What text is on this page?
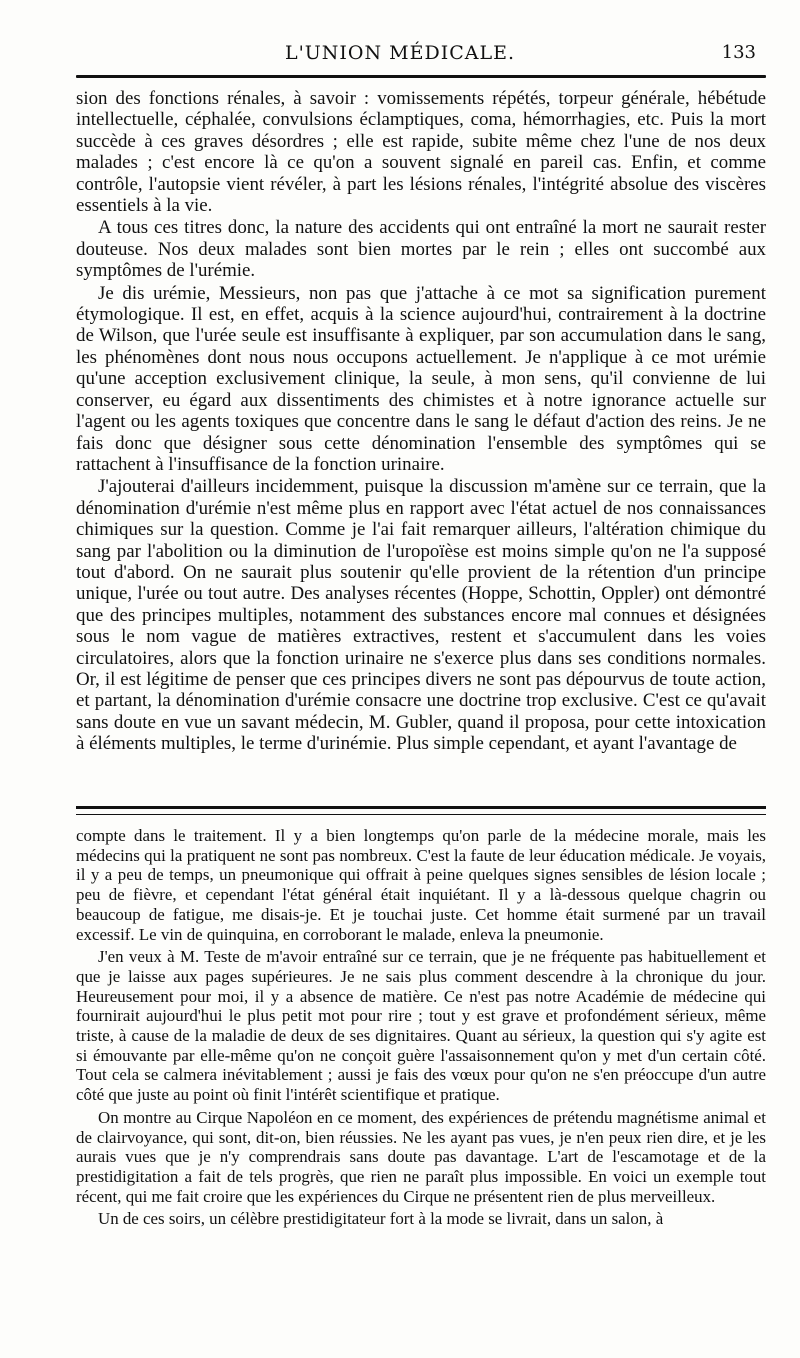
L'UNION MÉDICALE.	133

sion des fonctions rénales, à savoir : vomissements répétés, torpeur générale, hébétude intellectuelle, céphalée, convulsions éclamptiques, coma, hémorrhagies, etc. Puis la mort succède à ces graves désordres ; elle est rapide, subite même chez l'une de nos deux malades ; c'est encore là ce qu'on a souvent signalé en pareil cas. Enfin, et comme contrôle, l'autopsie vient révéler, à part les lésions rénales, l'intégrité absolue des viscères essentiels à la vie.

A tous ces titres donc, la nature des accidents qui ont entraîné la mort ne saurait rester douteuse. Nos deux malades sont bien mortes par le rein ; elles ont succombé aux symptômes de l'urémie.

Je dis urémie, Messieurs, non pas que j'attache à ce mot sa signification purement étymologique. Il est, en effet, acquis à la science aujourd'hui, contrairement à la doctrine de Wilson, que l'urée seule est insuffisante à expliquer, par son accumulation dans le sang, les phénomènes dont nous nous occupons actuellement. Je n'applique à ce mot urémie qu'une acception exclusivement clinique, la seule, à mon sens, qu'il convienne de lui conserver, eu égard aux dissentiments des chimistes et à notre ignorance actuelle sur l'agent ou les agents toxiques que concentre dans le sang le défaut d'action des reins. Je ne fais donc que désigner sous cette dénomination l'ensemble des symptômes qui se rattachent à l'insuffisance de la fonction urinaire.

J'ajouterai d'ailleurs incidemment, puisque la discussion m'amène sur ce terrain, que la dénomination d'urémie n'est même plus en rapport avec l'état actuel de nos connaissances chimiques sur la question. Comme je l'ai fait remarquer ailleurs, l'altération chimique du sang par l'abolition ou la diminution de l'uropoïèse est moins simple qu'on ne l'a supposé tout d'abord. On ne saurait plus soutenir qu'elle provient de la rétention d'un principe unique, l'urée ou tout autre. Des analyses récentes (Hoppe, Schottin, Oppler) ont démontré que des principes multiples, notamment des substances encore mal connues et désignées sous le nom vague de matières extractives, restent et s'accumulent dans les voies circulatoires, alors que la fonction urinaire ne s'exerce plus dans ses conditions normales. Or, il est légitime de penser que ces principes divers ne sont pas dépourvus de toute action, et partant, la dénomination d'urémie consacre une doctrine trop exclusive. C'est ce qu'avait sans doute en vue un savant médecin, M. Gubler, quand il proposa, pour cette intoxication à éléments multiples, le terme d'urinémie. Plus simple cependant, et ayant l'avantage de

compte dans le traitement. Il y a bien longtemps qu'on parle de la médecine morale, mais les médecins qui la pratiquent ne sont pas nombreux. C'est la faute de leur éducation médicale. Je voyais, il y a peu de temps, un pneumonique qui offrait à peine quelques signes sensibles de lésion locale ; peu de fièvre, et cependant l'état général était inquiétant. Il y a là-dessous quelque chagrin ou beaucoup de fatigue, me disais-je. Et je touchai juste. Cet homme était surmené par un travail excessif. Le vin de quinquina, en corroborant le malade, enleva la pneumonie.

J'en veux à M. Teste de m'avoir entraîné sur ce terrain, que je ne fréquente pas habituellement et que je laisse aux pages supérieures. Je ne sais plus comment descendre à la chronique du jour. Heureusement pour moi, il y a absence de matière. Ce n'est pas notre Académie de médecine qui fournirait aujourd'hui le plus petit mot pour rire ; tout y est grave et profondément sérieux, même triste, à cause de la maladie de deux de ses dignitaires. Quant au sérieux, la question qui s'y agite est si émouvante par elle-même qu'on ne conçoit guère l'assaisonnement qu'on y met d'un certain côté. Tout cela se calmera inévitablement ; aussi je fais des vœux pour qu'on ne s'en préoccupe d'un autre côté que juste au point où finit l'intérêt scientifique et pratique.

On montre au Cirque Napoléon en ce moment, des expériences de prétendu magnétisme animal et de clairvoyance, qui sont, dit-on, bien réussies. Ne les ayant pas vues, je n'en peux rien dire, et je les aurais vues que je n'y comprendrais sans doute pas davantage. L'art de l'escamotage et de la prestidigitation a fait de tels progrès, que rien ne paraît plus impossible. En voici un exemple tout récent, qui me fait croire que les expériences du Cirque ne présentent rien de plus merveilleux.

Un de ces soirs, un célèbre prestidigitateur fort à la mode se livrait, dans un salon, à
